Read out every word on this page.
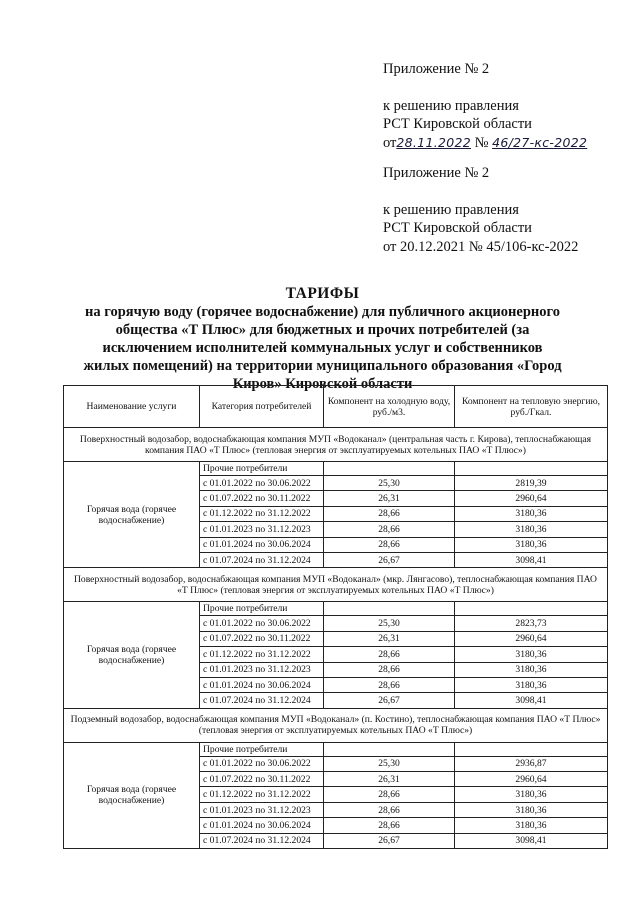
Приложение № 2

к решению правления

РСТ Кировской области

от28.11.2022 № 46/27-кс-2022

Приложение № 2

к решению правления

РСТ Кировской области

от 20.12.2021 № 45/106-кс-2022

ТАРИФЫ
на горячую воду (горячее водоснабжение) для публичного акционерного
общества «Т Плюс» для бюджетных и прочих потребителей (за
исключением исполнителей коммунальных услуг и собственников
жилых помещений) на территории муниципального образования «Город
Киров» Кировской области
Наименование услуги	Категория потребителей	Компонент на холодную воду, руб./м3.	Компонент на тепловую энергию, руб./Гкал.
Поверхностный водозабор, водоснабжающая компания МУП «Водоканал» (центральная часть г. Кирова), теплоснабжающая компания ПАО «Т Плюс» (тепловая энергия от эксплуатируемых котельных ПАО «Т Плюс»)			
Горячая вода (горячее водоснабжение)	Прочие потребители		
	с 01.01.2022 по 30.06.2022	25,30	2819,39
	с 01.07.2022 по 30.11.2022	26,31	2960,64
	с 01.12.2022 по 31.12.2022	28,66	3180,36
	с 01.01.2023 по 31.12.2023	28,66	3180,36
	с 01.01.2024 по 30.06.2024	28,66	3180,36
	с 01.07.2024 по 31.12.2024	26,67	3098,41
Поверхностный водозабор, водоснабжающая компания МУП «Водоканал» (мкр. Лянгасово), теплоснабжающая компания ПАО «Т Плюс» (тепловая энергия от эксплуатируемых котельных ПАО «Т Плюс»)			
Горячая вода (горячее водоснабжение)	Прочие потребители		
	с 01.01.2022 по 30.06.2022	25,30	2823,73
	с 01.07.2022 по 30.11.2022	26,31	2960,64
	с 01.12.2022 по 31.12.2022	28,66	3180,36
	с 01.01.2023 по 31.12.2023	28,66	3180,36
	с 01.01.2024 по 30.06.2024	28,66	3180,36
	с 01.07.2024 по 31.12.2024	26,67	3098,41
Подземный водозабор, водоснабжающая компания МУП «Водоканал» (п. Костино), теплоснабжающая компания ПАО «Т Плюс» (тепловая энергия от эксплуатируемых котельных ПАО «Т Плюс»)			
Горячая вода (горячее водоснабжение)	Прочие потребители		
	с 01.01.2022 по 30.06.2022	25,30	2936,87
	с 01.07.2022 по 30.11.2022	26,31	2960,64
	с 01.12.2022 по 31.12.2022	28,66	3180,36
	с 01.01.2023 по 31.12.2023	28,66	3180,36
	с 01.01.2024 по 30.06.2024	28,66	3180,36
	с 01.07.2024 по 31.12.2024	26,67	3098,41
